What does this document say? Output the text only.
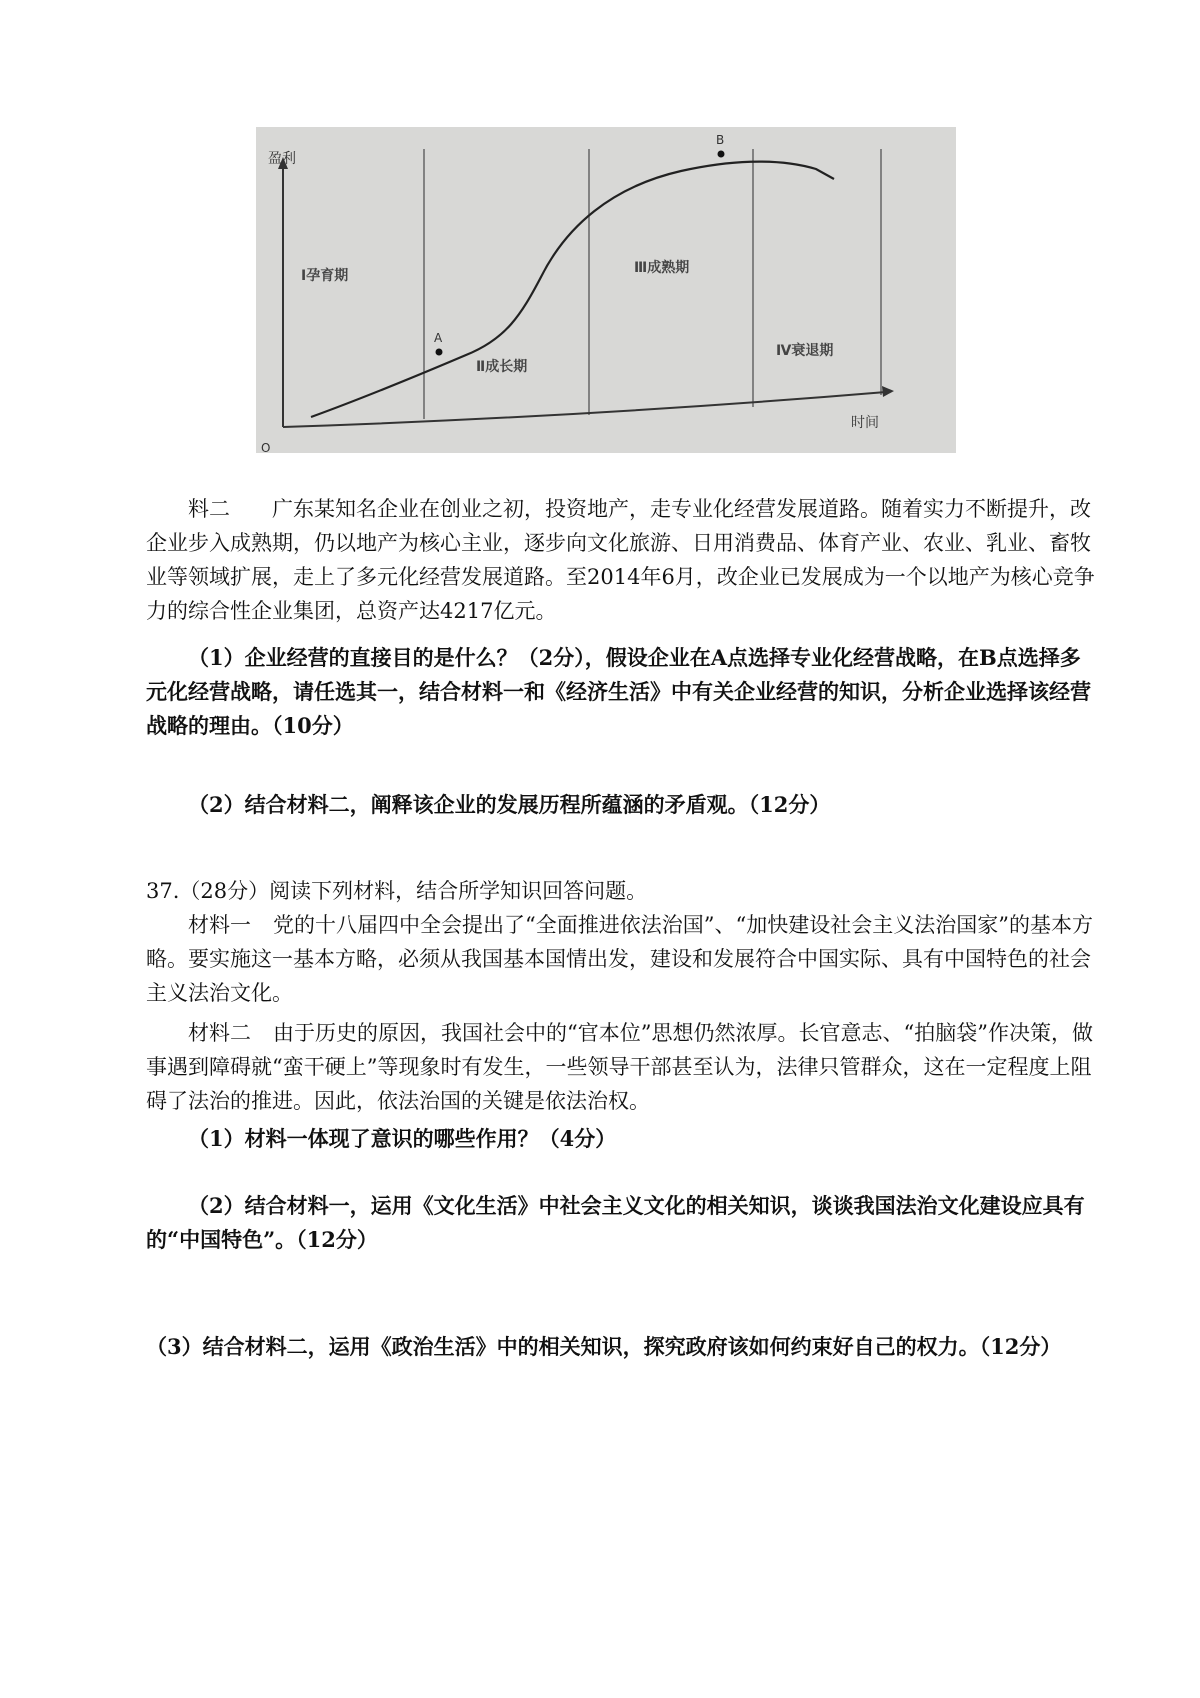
盈利
时间
O
Ⅰ孕育期
Ⅱ成长期
Ⅲ成熟期
Ⅳ衰退期
A
B

料二 广东某知名企业在创业之初，投资地产，走专业化经营发展道路。随着实力不断提升，改企业步入成熟期，仍以地产为核心主业，逐步向文化旅游、日用消费品、体育产业、农业、乳业、畜牧业等领域扩展，走上了多元化经营发展道路。至2014年6月，改企业已发展成为一个以地产为核心竞争力的综合性企业集团，总资产达4217亿元。

（1）企业经营的直接目的是什么？（2分），假设企业在A点选择专业化经营战略，在B点选择多元化经营战略，请任选其一，结合材料一和《经济生活》中有关企业经营的知识，分析企业选择该经营战略的理由。（10分）

（2）结合材料二，阐释该企业的发展历程所蕴涵的矛盾观。（12分）

37.（28分）阅读下列材料，结合所学知识回答问题。

材料一 党的十八届四中全会提出了“全面推进依法治国”、“加快建设社会主义法治国家”的基本方略。要实施这一基本方略，必须从我国基本国情出发，建设和发展符合中国实际、具有中国特色的社会主义法治文化。

材料二 由于历史的原因，我国社会中的“官本位”思想仍然浓厚。长官意志、“拍脑袋”作决策，做事遇到障碍就“蛮干硬上”等现象时有发生，一些领导干部甚至认为，法律只管群众，这在一定程度上阻碍了法治的推进。因此，依法治国的关键是依法治权。

（1）材料一体现了意识的哪些作用？（4分）

（2）结合材料一，运用《文化生活》中社会主义文化的相关知识，谈谈我国法治文化建设应具有的“中国特色”。（12分）

（3）结合材料二，运用《政治生活》中的相关知识，探究政府该如何约束好自己的权力。（12分）
